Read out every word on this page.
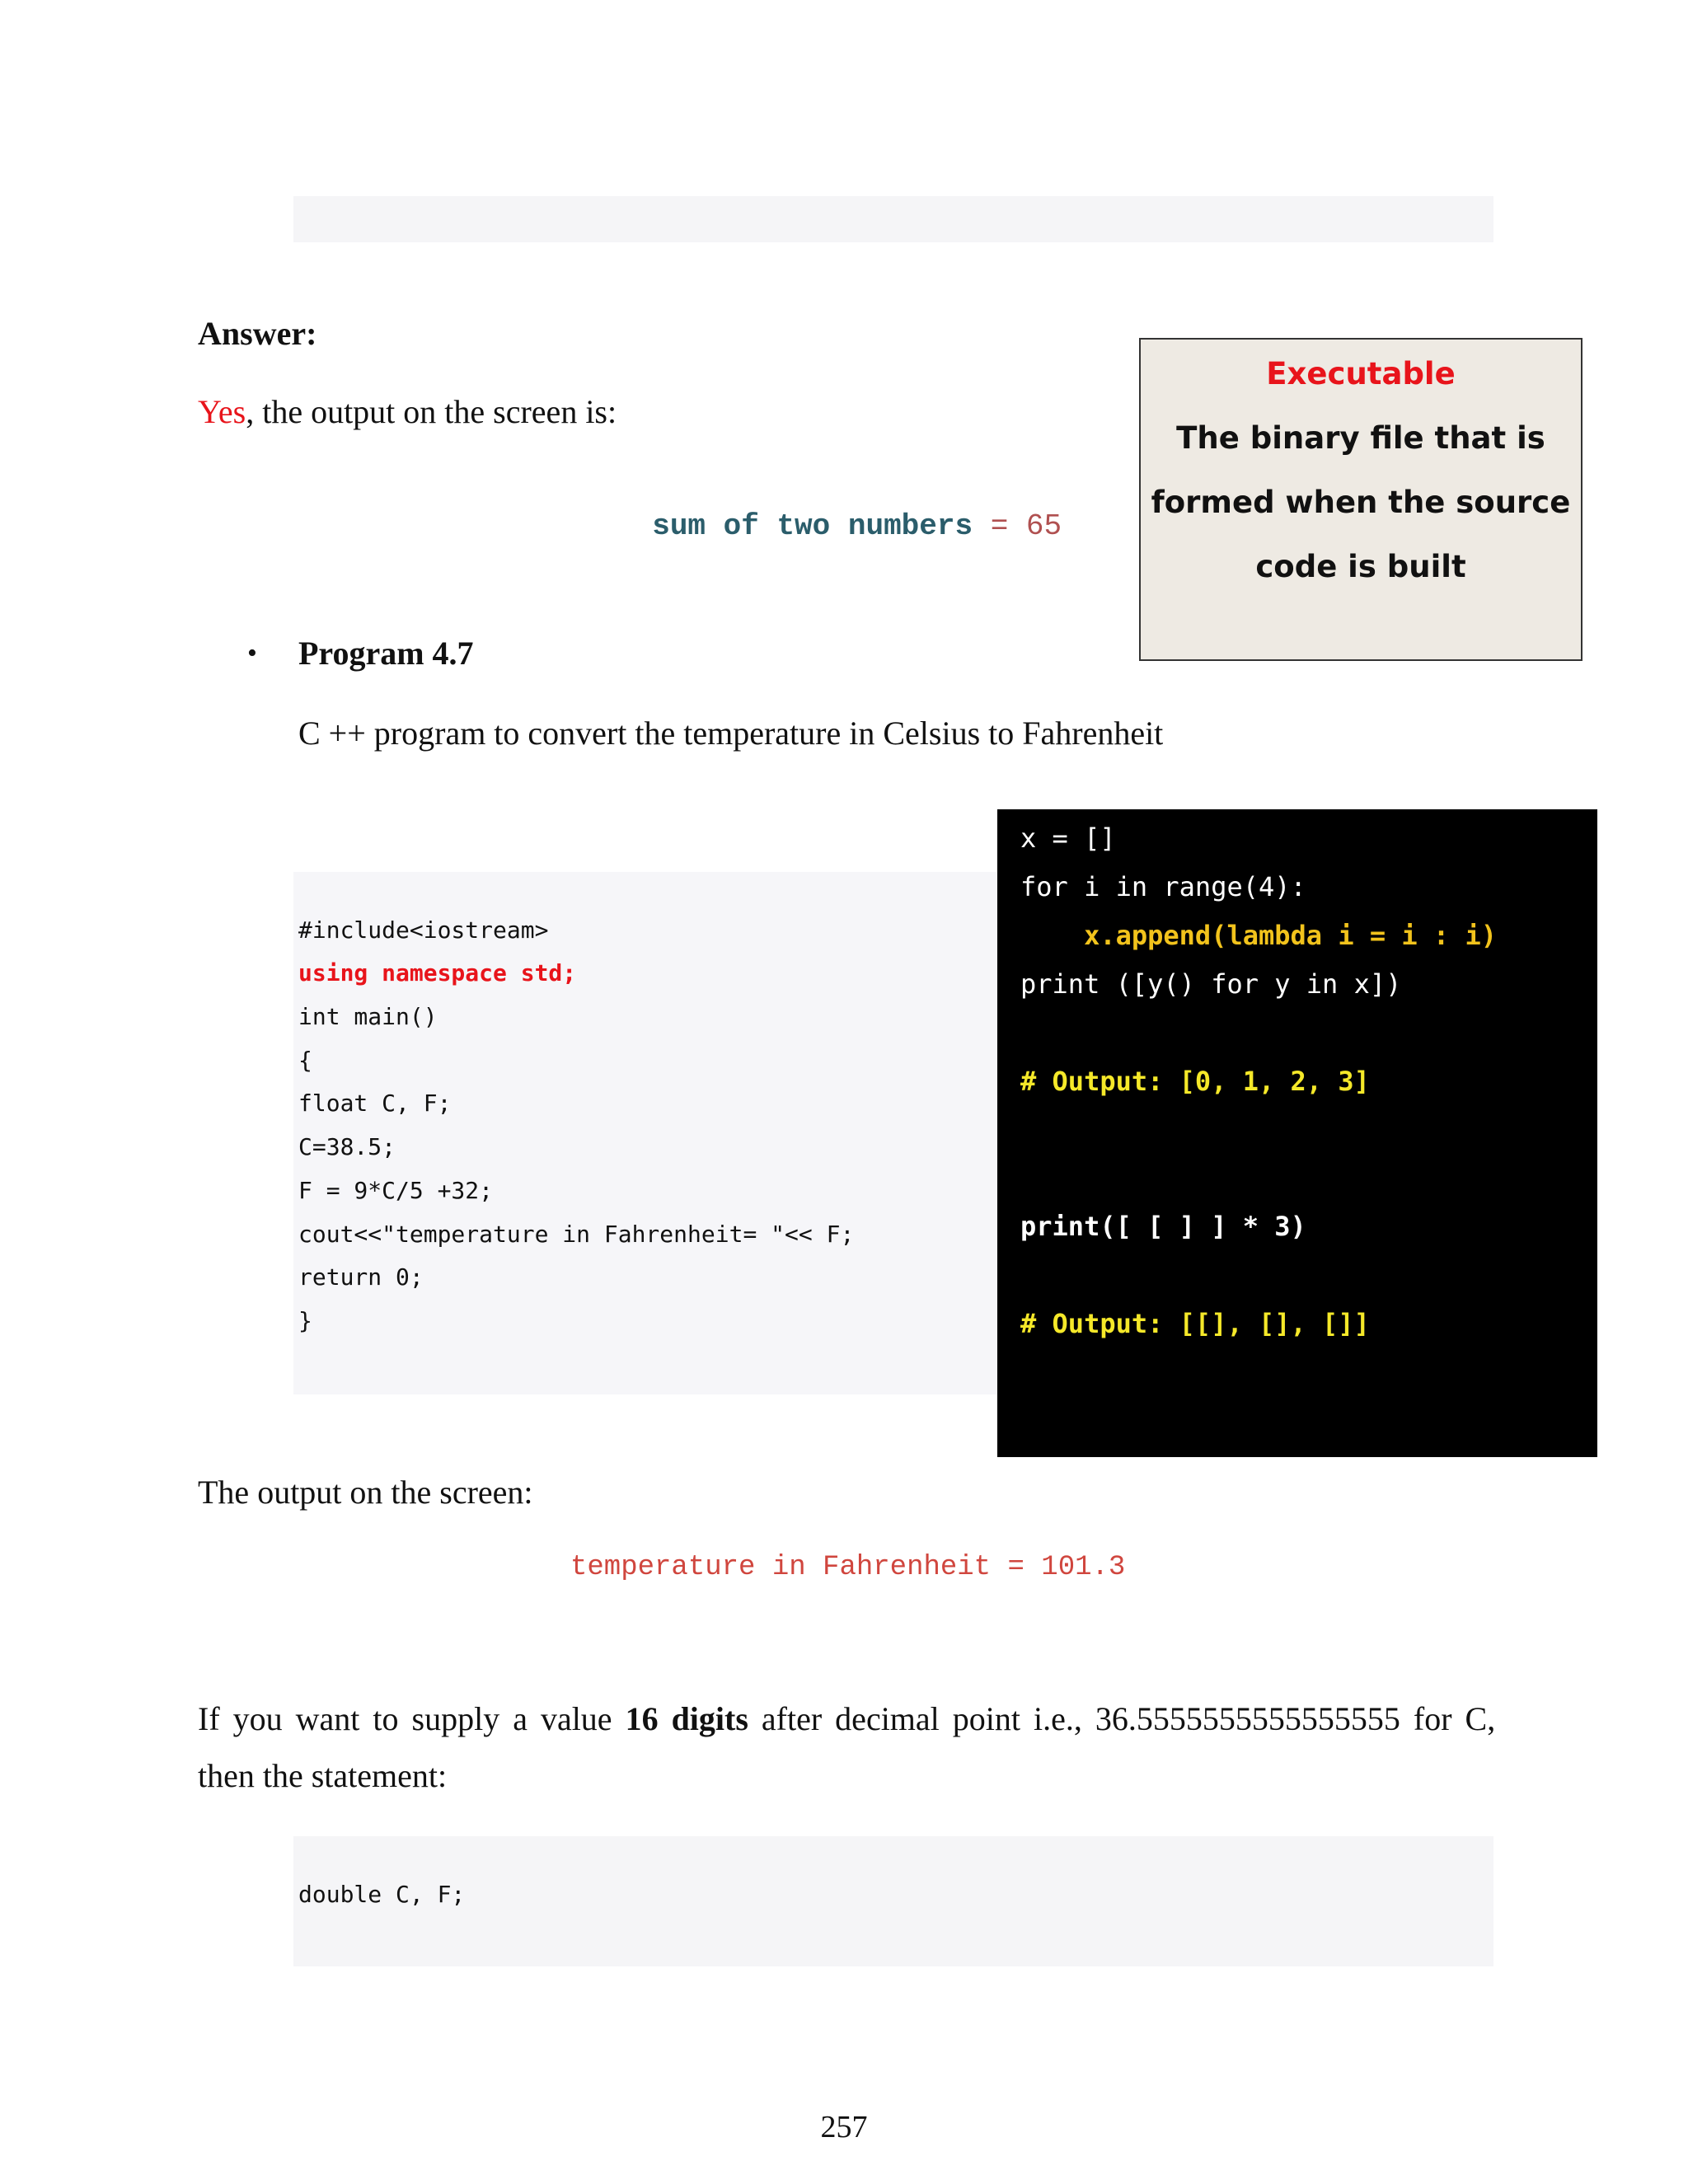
Answer:
Yes, the output on the screen is:

sum of two numbers = 65

Executable
The binary file that is
formed when the source
code is built
• Program 4.7
C ++ program to convert the temperature in Celsius to Fahrenheit

#include<iostream>

using namespace std;

int main()

{

float C, F;

C=38.5;

F = 9*C/5 +32;

cout<<"temperature in Fahrenheit= "<< F;

return 0;

}

x = []
for i in range(4):
x.append(lambda i = i : i)
print ([y() for y in x])
# Output: [0, 1, 2, 3]
print([ [ ] ] * 3)
# Output: [[], [], []]
The output on the screen:
temperature in Fahrenheit = 101.3
If you want to supply a value 16 digits after decimal point i.e., 36.5555555555555555 for C,
then the statement:

double C, F;

257
